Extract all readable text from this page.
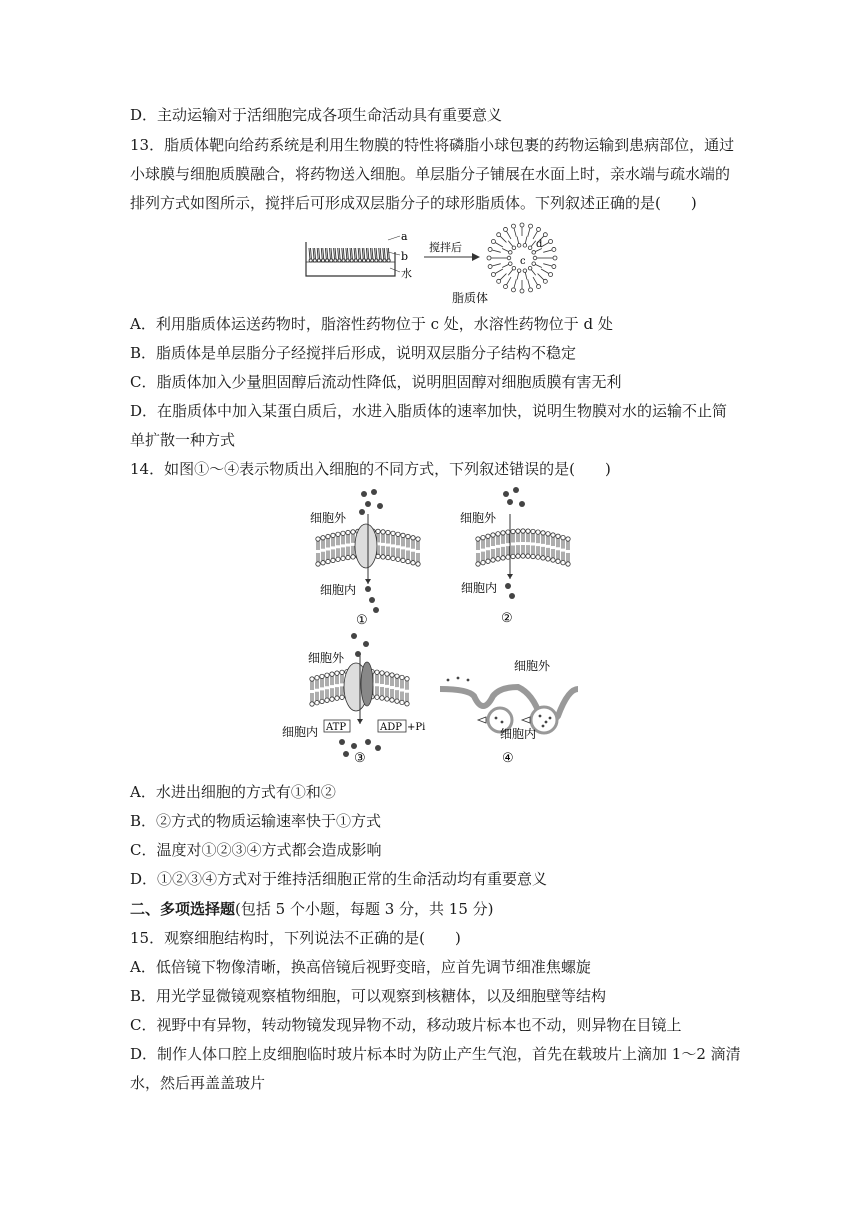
D．主动运输对于活细胞完成各项生命活动具有重要意义
13．脂质体靶向给药系统是利用生物膜的特性将磷脂小球包裹的药物运输到患病部位，通过
小球膜与细胞质膜融合，将药物送入细胞。单层脂分子铺展在水面上时，亲水端与疏水端的
排列方式如图所示，搅拌后可形成双层脂分子的球形脂质体。下列叙述正确的是(　　)
a
b
水
搅拌后
c
d
脂质体
A．利用脂质体运送药物时，脂溶性药物位于 c 处，水溶性药物位于 d 处
B．脂质体是单层脂分子经搅拌后形成，说明双层脂分子结构不稳定
C．脂质体加入少量胆固醇后流动性降低，说明胆固醇对细胞质膜有害无利
D．在脂质体中加入某蛋白质后，水进入脂质体的速率加快，说明生物膜对水的运输不止简
单扩散一种方式
14．如图①～④表示物质出入细胞的不同方式，下列叙述错误的是(　　)
细胞外
细胞内
①
细胞外
细胞内
②
细胞外
细胞内 ATP	ADP +Pi
③
细胞外
细胞内
④
A．水进出细胞的方式有①和②
B．②方式的物质运输速率快于①方式
C．温度对①②③④方式都会造成影响
D．①②③④方式对于维持活细胞正常的生命活动均有重要意义
二、多项选择题(包括 5 个小题，每题 3 分，共 15 分)
15．观察细胞结构时，下列说法不正确的是(　　)
A．低倍镜下物像清晰，换高倍镜后视野变暗，应首先调节细准焦螺旋
B．用光学显微镜观察植物细胞，可以观察到核糖体，以及细胞壁等结构
C．视野中有异物，转动物镜发现异物不动，移动玻片标本也不动，则异物在目镜上
D．制作人体口腔上皮细胞临时玻片标本时为防止产生气泡，首先在载玻片上滴加 1～2 滴清
水，然后再盖盖玻片
